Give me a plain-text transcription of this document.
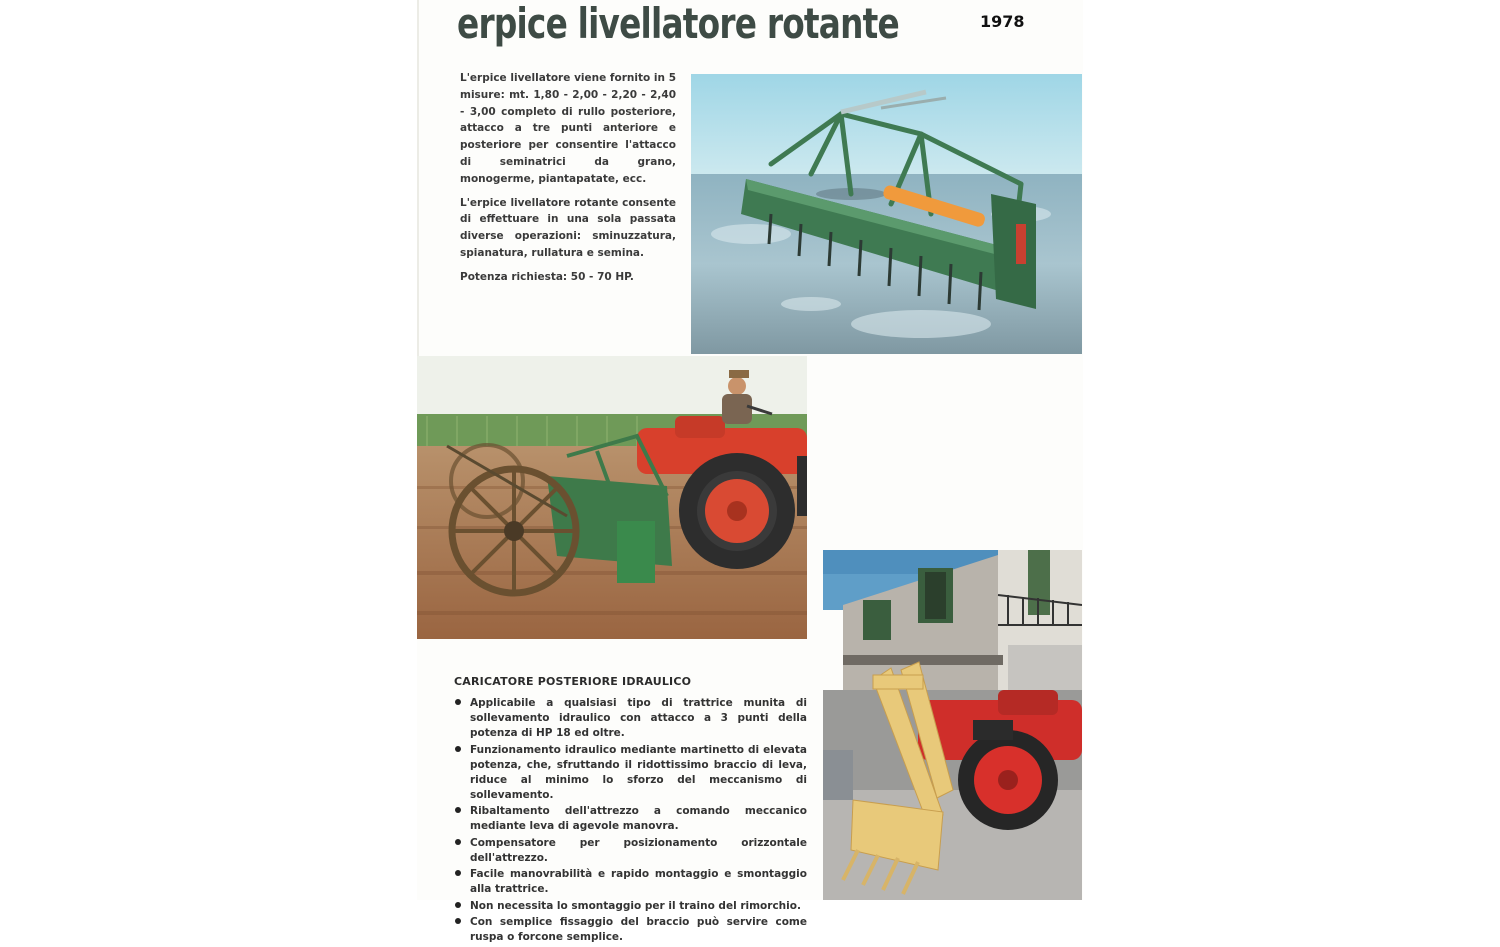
erpice livellatore rotante	1978

L'erpice livellatore viene fornito in 5 misure: mt. 1,80 - 2,00 - 2,20 - 2,40 - 3,00 completo di rullo posteriore, attacco a tre punti anteriore e posteriore per consentire l'attacco di seminatrici da grano, monogerme, piantapatate, ecc.

L'erpice livellatore rotante consente di effettuare in una sola passata diverse operazioni: sminuzzatura, spianatura, rullatura e semina.

Potenza richiesta: 50 - 70 HP.

CARICATORE POSTERIORE IDRAULICO
Applicabile a qualsiasi tipo di trattrice munita di sollevamento idraulico con attacco a 3 punti della potenza di HP 18 ed oltre.
Funzionamento idraulico mediante martinetto di elevata potenza, che, sfruttando il ridottissimo braccio di leva, riduce al minimo lo sforzo del meccanismo di sollevamento.
Ribaltamento dell'attrezzo a comando meccanico mediante leva di agevole manovra.
Compensatore per posizionamento orizzontale dell'attrezzo.
Facile manovrabilità e rapido montaggio e smontaggio alla trattrice.
Non necessita lo smontaggio per il traino del rimorchio.
Con semplice fissaggio del braccio può servire come ruspa o forcone semplice.
